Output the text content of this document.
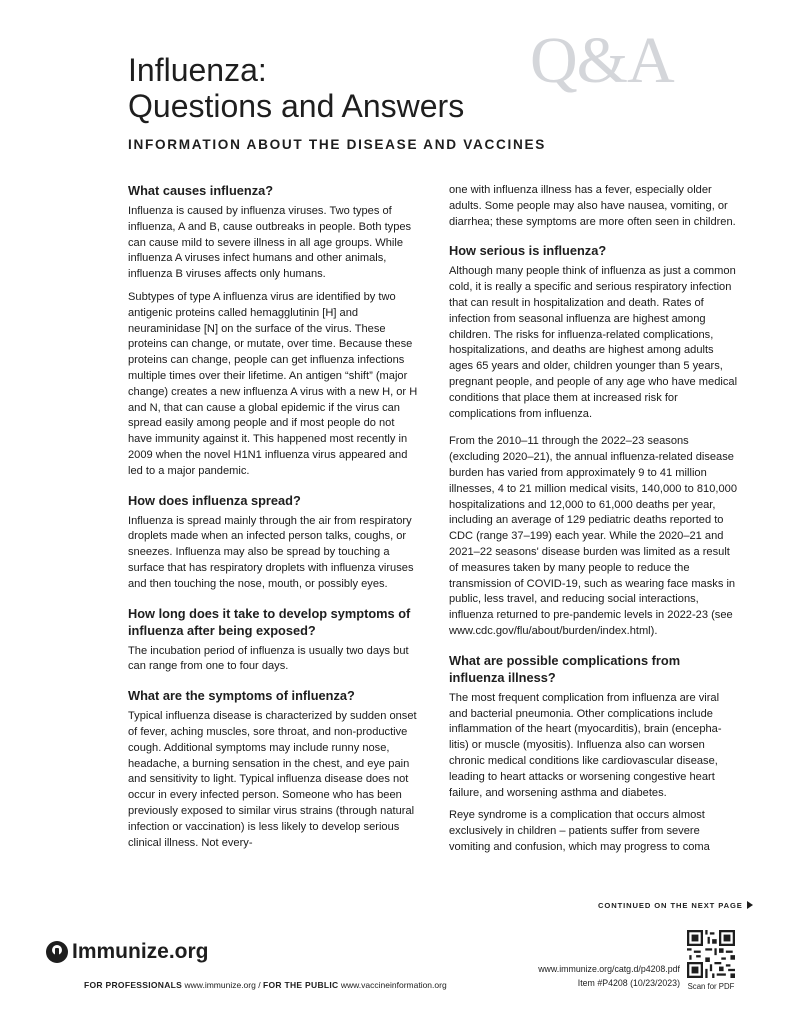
Q&A
Influenza:
Questions and Answers
INFORMATION ABOUT THE DISEASE AND VACCINES
What causes influenza?

Influenza is caused by influenza viruses. Two types of influenza, A and B, cause outbreaks in people. Both types can cause mild to severe illness in all age groups. While influenza A viruses infect humans and other animals, influenza B viruses affects only humans.

Subtypes of type A influenza virus are identified by two antigenic proteins called hemagglutinin [H] and neuraminidase [N] on the surface of the virus. These proteins can change, or mutate, over time. Because these proteins can change, people can get influenza infections multiple times over their lifetime. An antigen “shift” (major change) creates a new influenza A virus with a new H, or H and N, that can cause a global epidemic if the virus can spread easily among people and if most people do not have immunity against it. This happened most recently in 2009 when the novel H1N1 influenza virus appeared and led to a major pandemic.

How does influenza spread?

Influenza is spread mainly through the air from respiratory droplets made when an infected person talks, coughs, or sneezes. Influenza may also be spread by touching a surface that has respiratory droplets with influenza viruses and then touching the nose, mouth, or possibly eyes.

How long does it take to develop symptoms of influenza after being exposed?

The incubation period of influenza is usually two days but can range from one to four days.

What are the symptoms of influenza?

Typical influenza disease is characterized by sudden onset of fever, aching muscles, sore throat, and non-productive cough. Additional symptoms may include runny nose, headache, a burning sensation in the chest, and eye pain and sensitivity to light. Typical influenza disease does not occur in every infected person. Someone who has been previously exposed to similar virus strains (through natural infection or vaccination) is less likely to develop serious clinical illness. Not every-

one with influenza illness has a fever, especially older adults. Some people may also have nausea, vomiting, or diarrhea; these symptoms are more often seen in children.

How serious is influenza?

Although many people think of influenza as just a common cold, it is really a specific and serious respiratory infection that can result in hospitalization and death. Rates of infection from seasonal influenza are highest among children. The risks for influenza-related complications, hospitalizations, and deaths are highest among adults ages 65 years and older, children younger than 5 years, pregnant people, and people of any age who have medical conditions that place them at increased risk for complications from influenza.

From the 2010–11 through the 2022–23 seasons (excluding 2020–21), the annual influenza-related disease burden has varied from approximately 9 to 41 million illnesses, 4 to 21 million medical visits, 140,000 to 810,000 hospitalizations and 12,000 to 61,000 deaths per year, including an average of 129 pediatric deaths reported to CDC (range 37–199) each year. While the 2020–21 and 2021–22 seasons' disease burden was limited as a result of measures taken by many people to reduce the transmission of COVID-19, such as wearing face masks in public, less travel, and reducing social interactions, influenza returned to pre-pandemic levels in 2022-23 (see www.cdc.gov/flu/about/burden/index.html).

What are possible complications from influenza illness?

The most frequent complication from influenza are viral and bacterial pneumonia. Other complications include inflammation of the heart (myocarditis), brain (encepha-litis) or muscle (myositis). Influenza also can worsen chronic medical conditions like cardiovascular disease, leading to heart attacks or worsening congestive heart failure, and worsening asthma and diabetes.

Reye syndrome is a complication that occurs almost exclusively in children – patients suffer from severe vomiting and confusion, which may progress to coma

CONTINUED ON THE NEXT PAGE
Immunize.org
FOR PROFESSIONALS www.immunize.org / FOR THE PUBLIC www.vaccineinformation.org
www.immunize.org/catg.d/p4208.pdf
Item #P4208 (10/23/2023) Scan for PDF
